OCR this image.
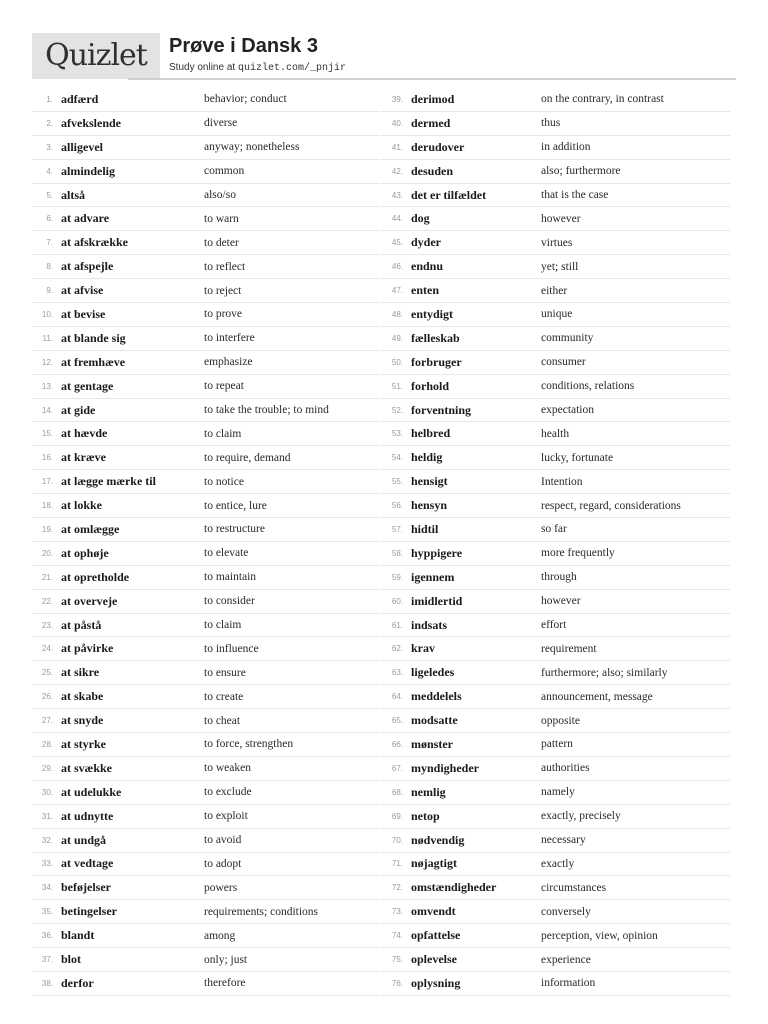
Quizlet	Prøve i Dansk 3
Study online at quizlet.com/_pnjir
1. adfærd	behavior; conduct
2. afvekslende	diverse
3. alligevel	anyway; nonetheless
4. almindelig	common
5. altså	also/so
6. at advare	to warn
7. at afskrække	to deter
8. at afspejle	to reflect
9. at afvise	to reject
10. at bevise	to prove
11. at blande sig	to interfere
12. at fremhæve	emphasize
13. at gentage	to repeat
14. at gide	to take the trouble; to mind
15. at hævde	to claim
16. at kræve	to require, demand
17. at lægge mærke til	to notice
18. at lokke	to entice, lure
19. at omlægge	to restructure
20. at ophøje	to elevate
21. at opretholde	to maintain
22. at overveje	to consider
23. at påstå	to claim
24. at påvirke	to influence
25. at sikre	to ensure
26. at skabe	to create
27. at snyde	to cheat
28. at styrke	to force, strengthen
29. at svække	to weaken
30. at udelukke	to exclude
31. at udnytte	to exploit
32. at undgå	to avoid
33. at vedtage	to adopt
34. beføjelser	powers
35. betingelser	requirements; conditions
36. blandt	among
37. blot	only; just
38. derfor	therefore
39. derimod	on the contrary, in contrast
40. dermed	thus
41. derudover	in addition
42. desuden	also; furthermore
43. det er tilfældet	that is the case
44. dog	however
45. dyder	virtues
46. endnu	yet; still
47. enten	either
48. entydigt	unique
49. fælleskab	community
50. forbruger	consumer
51. forhold	conditions, relations
52. forventning	expectation
53. helbred	health
54. heldig	lucky, fortunate
55. hensigt	Intention
56. hensyn	respect, regard, considerations
57. hidtil	so far
58. hyppigere	more frequently
59. igennem	through
60. imidlertid	however
61. indsats	effort
62. krav	requirement
63. ligeledes	furthermore; also; similarly
64. meddelels	announcement, message
65. modsatte	opposite
66. mønster	pattern
67. myndigheder	authorities
68. nemlig	namely
69. netop	exactly, precisely
70. nødvendig	necessary
71. nøjagtigt	exactly
72. omstændigheder	circumstances
73. omvendt	conversely
74. opfattelse	perception, view, opinion
75. oplevelse	experience
76. oplysning	information
